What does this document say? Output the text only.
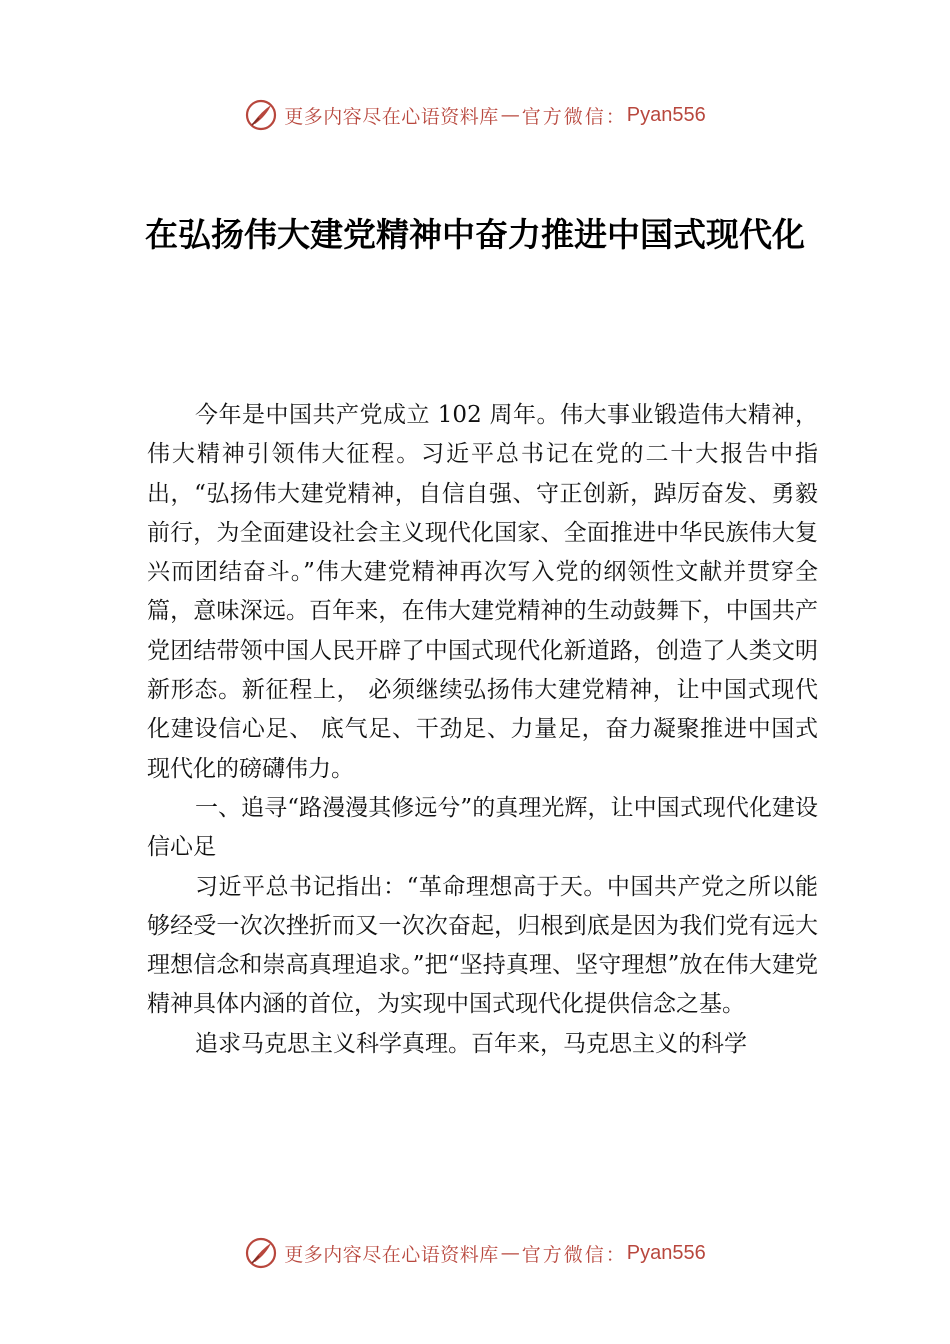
更多内容尽在心语资料库 — 官方微信： Pyan556
在弘扬伟大建党精神中奋力推进中国式现代化

今年是中国共产党成立 102 周年。伟大事业锻造伟大精神，伟大精神引领伟大征程。习近平总书记在党的二十大报告中指出，“弘扬伟大建党精神，自信自强、守正创新，踔厉奋发、勇毅前行，为全面建设社会主义现代化国家、全面推进中华民族伟大复兴而团结奋斗。”伟大建党精神再次写入党的纲领性文献并贯穿全篇，意味深远。百年来，在伟大建党精神的生动鼓舞下，中国共产党团结带领中国人民开辟了中国式现代化新道路，创造了人类文明新形态。新征程上， 必须继续弘扬伟大建党精神，让中国式现代化建设信心足、 底气足、干劲足、力量足，奋力凝聚推进中国式现代化的磅礴伟力。

一、追寻“路漫漫其修远兮”的真理光辉，让中国式现代化建设信心足

习近平总书记指出：“革命理想高于天。中国共产党之所以能够经受一次次挫折而又一次次奋起，归根到底是因为我们党有远大理想信念和崇高真理追求。”把“坚持真理、坚守理想”放在伟大建党精神具体内涵的首位，为实现中国式现代化提供信念之基。

追求马克思主义科学真理。百年来，马克思主义的科学

更多内容尽在心语资料库 — 官方微信： Pyan556
